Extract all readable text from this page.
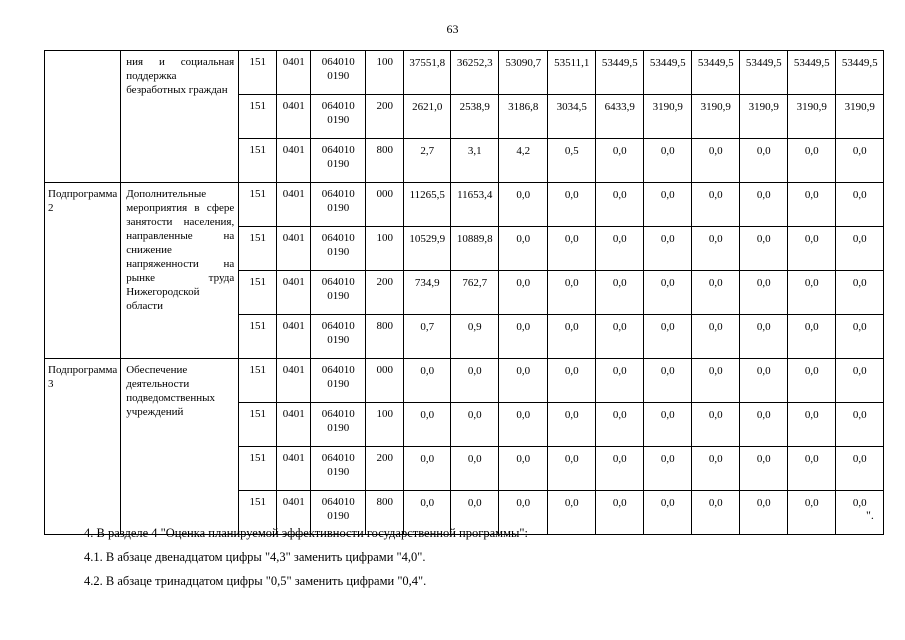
63
	ния и социальная поддержка безработных граждан	151	0401	064010 0190	100	37551,8	36252,3	53090,7	53511,1	53449,5	53449,5	53449,5	53449,5	53449,5	53449,5
		151	0401	064010 0190	200	2621,0	2538,9	3186,8	3034,5	6433,9	3190,9	3190,9	3190,9	3190,9	3190,9
		151	0401	064010 0190	800	2,7	3,1	4,2	0,5	0,0	0,0	0,0	0,0	0,0	0,0
Подпрограмма 2	Дополнительные мероприятия в сфере занятости населения, направленные на снижение напряженности на рынке труда Нижегородской области	151	0401	064010 0190	000	11265,5	11653,4	0,0	0,0	0,0	0,0	0,0	0,0	0,0	0,0
		151	0401	064010 0190	100	10529,9	10889,8	0,0	0,0	0,0	0,0	0,0	0,0	0,0	0,0
		151	0401	064010 0190	200	734,9	762,7	0,0	0,0	0,0	0,0	0,0	0,0	0,0	0,0
		151	0401	064010 0190	800	0,7	0,9	0,0	0,0	0,0	0,0	0,0	0,0	0,0	0,0
Подпрограмма 3	Обеспечение деятельности подведомственных учреждений	151	0401	064010 0190	000	0,0	0,0	0,0	0,0	0,0	0,0	0,0	0,0	0,0	0,0
		151	0401	064010 0190	100	0,0	0,0	0,0	0,0	0,0	0,0	0,0	0,0	0,0	0,0
		151	0401	064010 0190	200	0,0	0,0	0,0	0,0	0,0	0,0	0,0	0,0	0,0	0,0
		151	0401	064010 0190	800	0,0	0,0	0,0	0,0	0,0	0,0	0,0	0,0	0,0	0,0
".
4. В разделе 4 "Оценка планируемой эффективности государственной программы":
4.1. В абзаце двенадцатом цифры "4,3" заменить цифрами "4,0".
4.2. В абзаце тринадцатом цифры "0,5" заменить цифрами "0,4".
